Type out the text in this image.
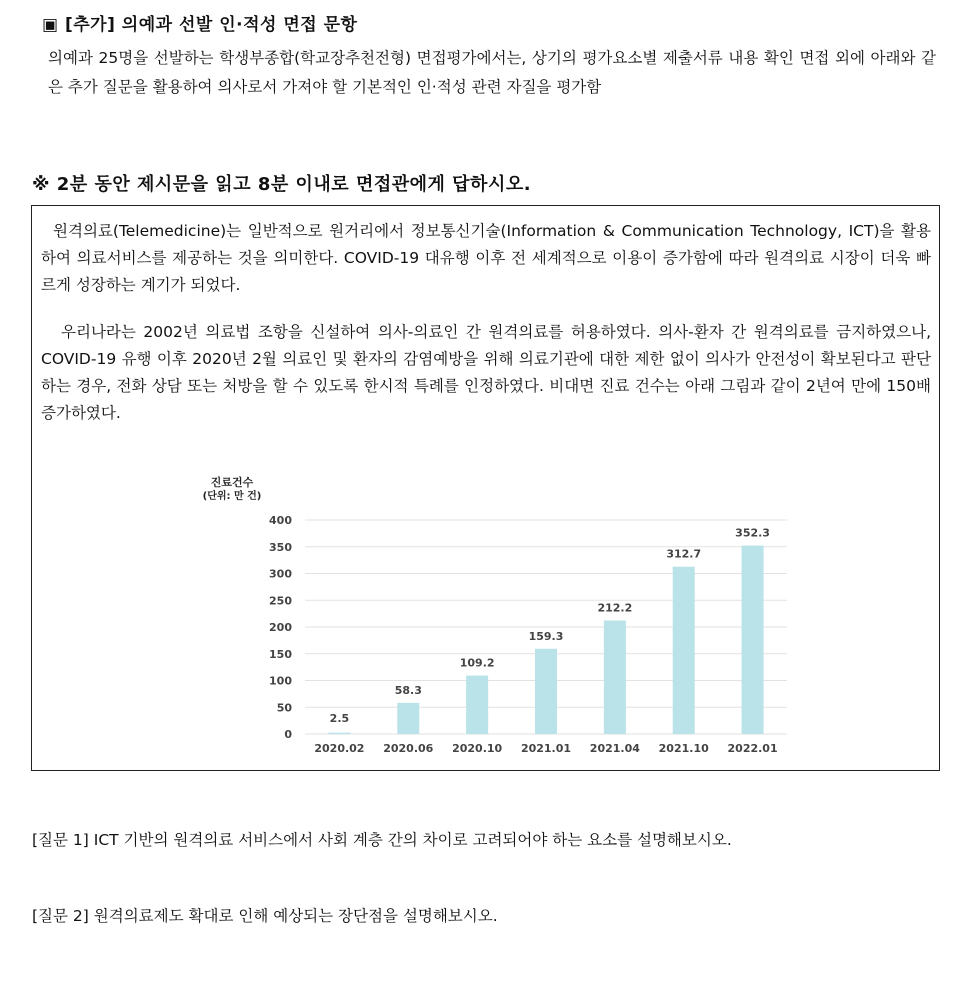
▣ [추가] 의예과 선발 인·적성 면접 문항
의예과 25명을 선발하는 학생부종합(학교장추천전형) 면접평가에서는, 상기의 평가요소별 제출서류 내용 확인 면접 외에 아래와 같은 추가 질문을 활용하여 의사로서 가져야 할 기본적인 인·적성 관련 자질을 평가함
※ 2분 동안 제시문을 읽고 8분 이내로 면접관에게 답하시오.
원격의료(Telemedicine)는 일반적으로 원거리에서 정보통신기술(Information & Communication Technology, ICT)을 활용하여 의료서비스를 제공하는 것을 의미한다. COVID-19 대유행 이후 전 세계적으로 이용이 증가함에 따라 원격의료 시장이 더욱 빠르게 성장하는 계기가 되었다.
우리나라는 2002년 의료법 조항을 신설하여 의사-의료인 간 원격의료를 허용하였다. 의사-환자 간 원격의료를 금지하였으나, COVID-19 유행 이후 2020년 2월 의료인 및 환자의 감염예방을 위해 의료기관에 대한 제한 없이 의사가 안전성이 확보된다고 판단하는 경우, 전화 상담 또는 처방을 할 수 있도록 한시적 특례를 인정하였다. 비대면 진료 건수는 아래 그림과 같이 2년여 만에 150배 증가하였다.
진료건수
(단위: 만 건)
0
50
100
150
200
250
300
350
400
2.5
58.3
109.2
159.3
212.2
312.7
352.3
2020.02 2020.06 2020.10 2021.01 2021.04 2021.10 2022.01
[질문 1] ICT 기반의 원격의료 서비스에서 사회 계층 간의 차이로 고려되어야 하는 요소를 설명해보시오.
[질문 2] 원격의료제도 확대로 인해 예상되는 장단점을 설명해보시오.
